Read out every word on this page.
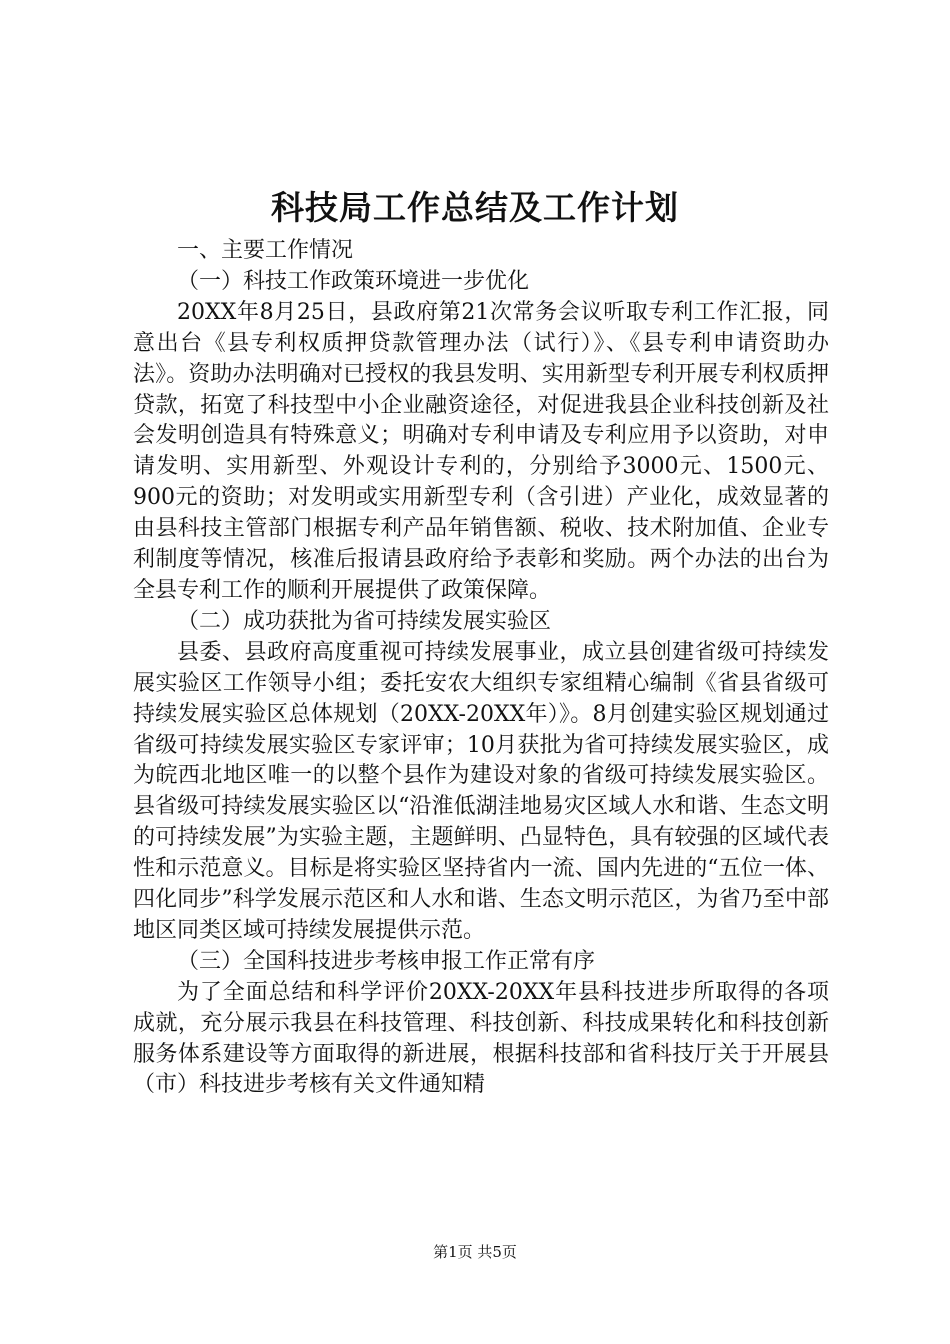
科技局工作总结及工作计划

一、主要工作情况

（一）科技工作政策环境进一步优化

20XX年8月25日，县政府第21次常务会议听取专利工作汇报，同意出台《县专利权质押贷款管理办法（试行）》、《县专利申请资助办法》。资助办法明确对已授权的我县发明、实用新型专利开展专利权质押贷款，拓宽了科技型中小企业融资途径，对促进我县企业科技创新及社会发明创造具有特殊意义；明确对专利申请及专利应用予以资助，对申请发明、实用新型、外观设计专利的，分别给予3000元、1500元、900元的资助；对发明或实用新型专利（含引进）产业化，成效显著的由县科技主管部门根据专利产品年销售额、税收、技术附加值、企业专利制度等情况，核准后报请县政府给予表彰和奖励。两个办法的出台为全县专利工作的顺利开展提供了政策保障。

（二）成功获批为省可持续发展实验区

县委、县政府高度重视可持续发展事业，成立县创建省级可持续发展实验区工作领导小组；委托安农大组织专家组精心编制《省县省级可持续发展实验区总体规划（20XX-20XX年）》。8月创建实验区规划通过省级可持续发展实验区专家评审；10月获批为省可持续发展实验区，成为皖西北地区唯一的以整个县作为建设对象的省级可持续发展实验区。县省级可持续发展实验区以“沿淮低湖洼地易灾区域人水和谐、生态文明的可持续发展”为实验主题，主题鲜明、凸显特色，具有较强的区域代表性和示范意义。目标是将实验区坚持省内一流、国内先进的“五位一体、四化同步”科学发展示范区和人水和谐、生态文明示范区，为省乃至中部地区同类区域可持续发展提供示范。

（三）全国科技进步考核申报工作正常有序

为了全面总结和科学评价20XX-20XX年县科技进步所取得的各项成就，充分展示我县在科技管理、科技创新、科技成果转化和科技创新服务体系建设等方面取得的新进展，根据科技部和省科技厅关于开展县（市）科技进步考核有关文件通知精

第1页 共5页
